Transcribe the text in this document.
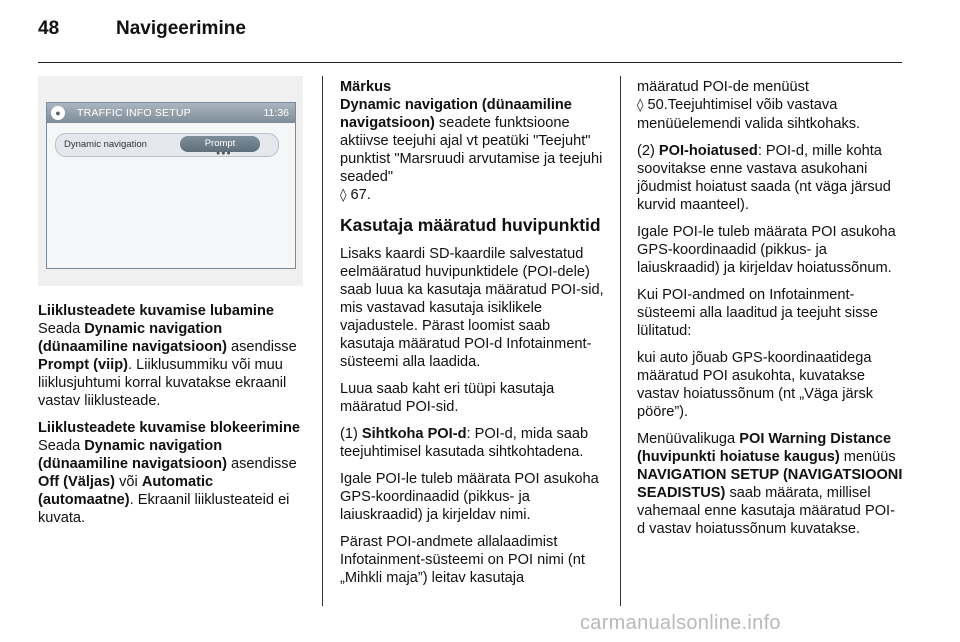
48	Navigeerimine
●	TRAFFIC INFO SETUP	11:36
Dynamic navigation	Prompt
●●●

Liiklusteadete kuvamise lubamine

Seada Dynamic navigation (dünaamiline navigatsioon) asendisse Prompt (viip). Liiklusummiku või muu liiklusjuhtumi korral kuvatakse ekraanil vastav liiklusteade.

Liiklusteadete kuvamise blokeerimine

Seada Dynamic navigation (dünaamiline navigatsioon) asendisse Off (Väljas) või Automatic (automaatne). Ekraanil liiklusteateid ei kuvata.

Märkus

Dynamic navigation (dünaamiline navigatsioon) seadete funktsioone aktiivse teejuhi ajal vt peatüki "Teejuht" punktist "Marsruudi arvutamise ja teejuhi seaded"
◊ 67.

Kasutaja määratud huvipunktid

Lisaks kaardi SD-kaardile salvestatud eelmääratud huvipunktidele (POI-dele) saab luua ka kasutaja määratud POI-sid, mis vastavad kasutaja isiklikele vajadustele. Pärast loomist saab kasutaja määratud POI-d Infotainment-süsteemi alla laadida.

Luua saab kaht eri tüüpi kasutaja määratud POI-sid.

(1) Sihtkoha POI-d: POI-d, mida saab teejuhtimisel kasutada sihtkohtadena.

Igale POI-le tuleb määrata POI asukoha GPS-koordinaadid (pikkus- ja laiuskraadid) ja kirjeldav nimi.

Pärast POI-andmete allalaadimist Infotainment-süsteemi on POI nimi (nt „Mihkli maja”) leitav kasutaja

määratud POI-de menüüst
◊ 50.Teejuhtimisel võib vastava menüüelemendi valida sihtkohaks.

(2) POI-hoiatused: POI-d, mille kohta soovitakse enne vastava asukohani jõudmist hoiatust saada (nt väga järsud kurvid maanteel).

Igale POI-le tuleb määrata POI asukoha GPS-koordinaadid (pikkus- ja laiuskraadid) ja kirjeldav hoiatussõnum.

Kui POI-andmed on Infotainment-süsteemi alla laaditud ja teejuht sisse lülitatud:

kui auto jõuab GPS-koordinaatidega määratud POI asukohta, kuvatakse vastav hoiatussõnum (nt „Väga järsk pööre”).

Menüüvalikuga POI Warning Distance (huvipunkti hoiatuse kaugus) menüüs NAVIGATION SETUP (NAVIGATSIOONI SEADISTUS) saab määrata, millisel vahemaal enne kasutaja määratud POI-d vastav hoiatussõnum kuvatakse.

carmanualsonline.info
